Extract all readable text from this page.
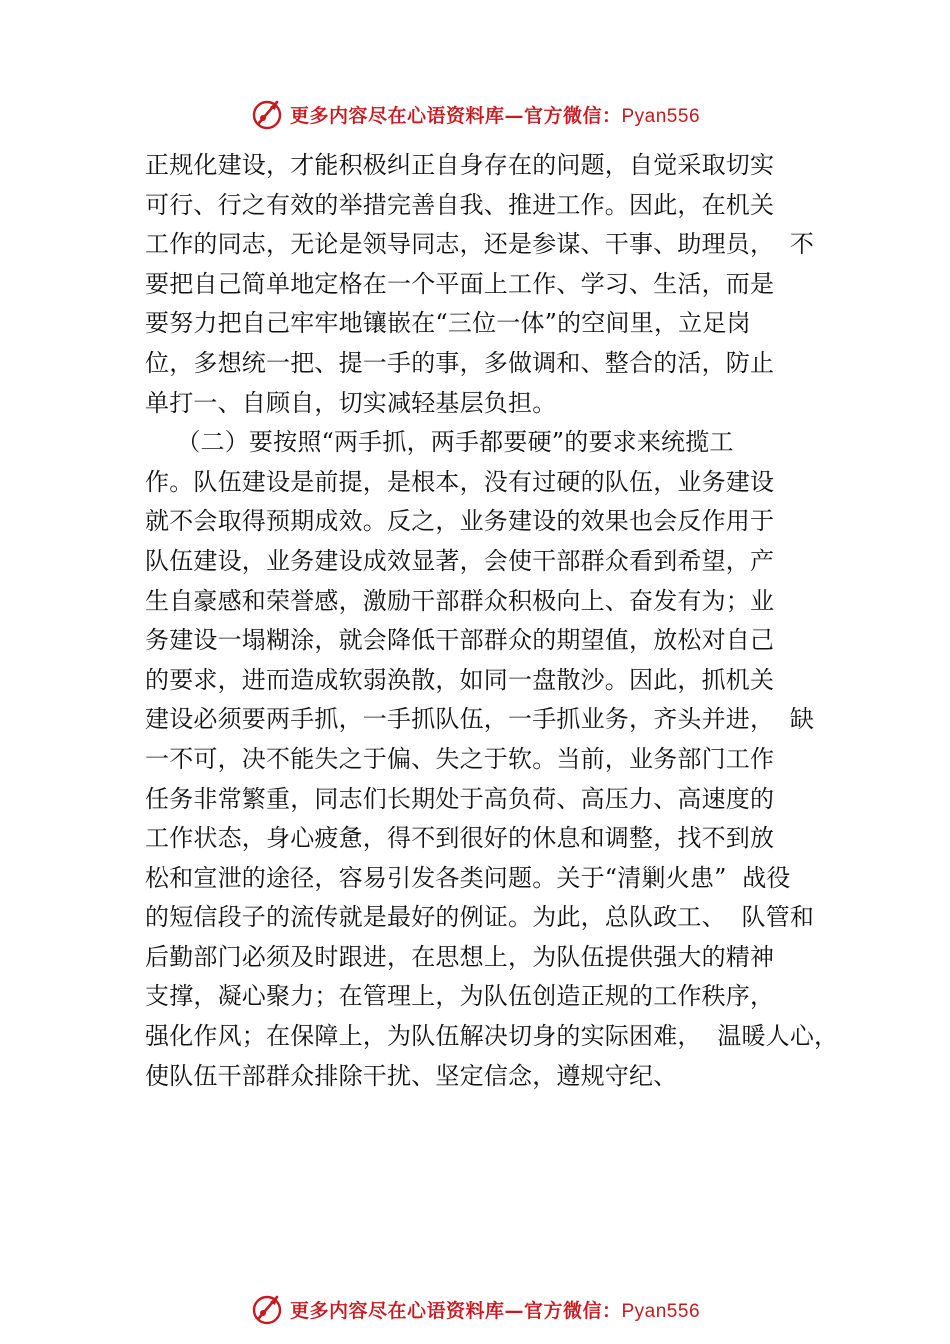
更多内容尽在心语资料库—官方微信：Pyan556
正规化建设，才能积极纠正自身存在的问题，自觉采取切实
可行、行之有效的举措完善自我、推进工作。因此，在机关
工作的同志，无论是领导同志，还是参谋、干事、助理员，  不
要把自己简单地定格在一个平面上工作、学习、生活，而是
要努力把自己牢牢地镶嵌在“三位一体”的空间里，立足岗
位，多想统一把、提一手的事，多做调和、整合的活，防止
单打一、自顾自，切实减轻基层负担。
（二）要按照“两手抓，两手都要硬”的要求来统揽工
作。队伍建设是前提，是根本，没有过硬的队伍，业务建设
就不会取得预期成效。反之，业务建设的效果也会反作用于
队伍建设，业务建设成效显著，会使干部群众看到希望，产
生自豪感和荣誉感，激励干部群众积极向上、奋发有为；业
务建设一塌糊涂，就会降低干部群众的期望值，放松对自己
的要求，进而造成软弱涣散，如同一盘散沙。因此，抓机关
建设必须要两手抓，一手抓队伍，一手抓业务，齐头并进，  缺
一不可，决不能失之于偏、失之于软。当前，业务部门工作
任务非常繁重，同志们长期处于高负荷、高压力、高速度的
工作状态，身心疲惫，得不到很好的休息和调整，找不到放
松和宣泄的途径，容易引发各类问题。关于“清剿火患”  战役
的短信段子的流传就是最好的例证。为此，总队政工、  队管和
后勤部门必须及时跟进，在思想上，为队伍提供强大的精神
支撑，凝心聚力；在管理上，为队伍创造正规的工作秩序，
强化作风；在保障上，为队伍解决切身的实际困难，  温暖人心，
使队伍干部群众排除干扰、坚定信念，遵规守纪、
更多内容尽在心语资料库—官方微信：Pyan556
